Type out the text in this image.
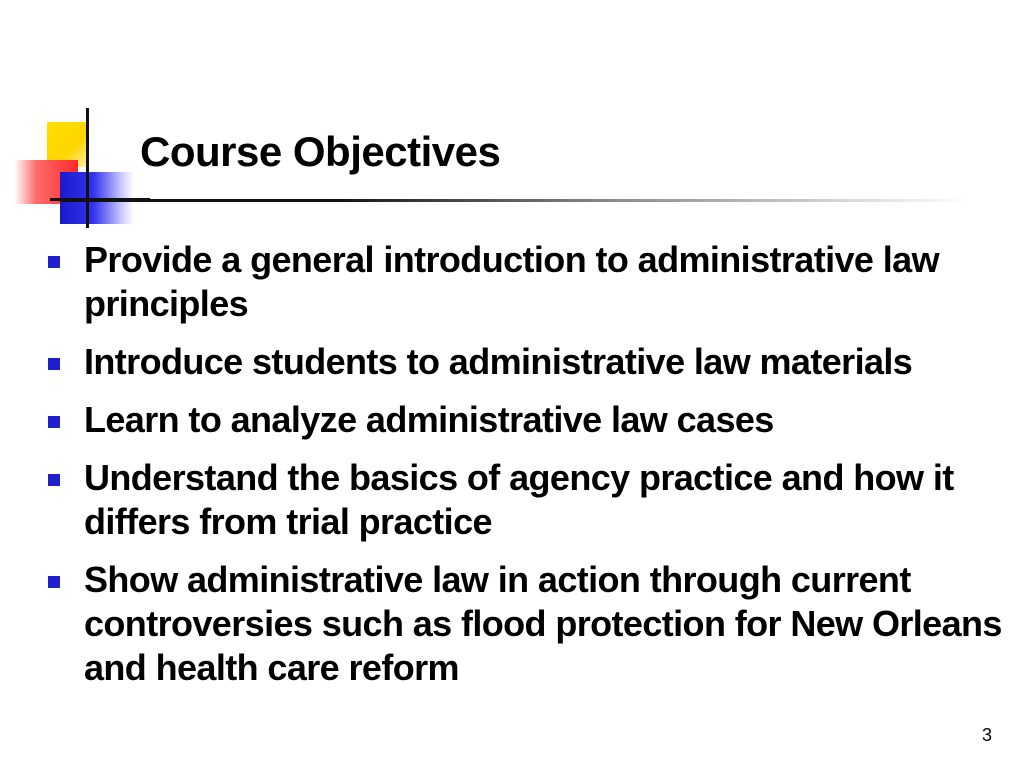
Course Objectives
Provide a general introduction to administrative law principles
Introduce students to administrative law materials
Learn to analyze administrative law cases
Understand the basics of agency practice and how it differs from trial practice
Show administrative law in action through current controversies such as flood protection for New Orleans and health care reform
3
